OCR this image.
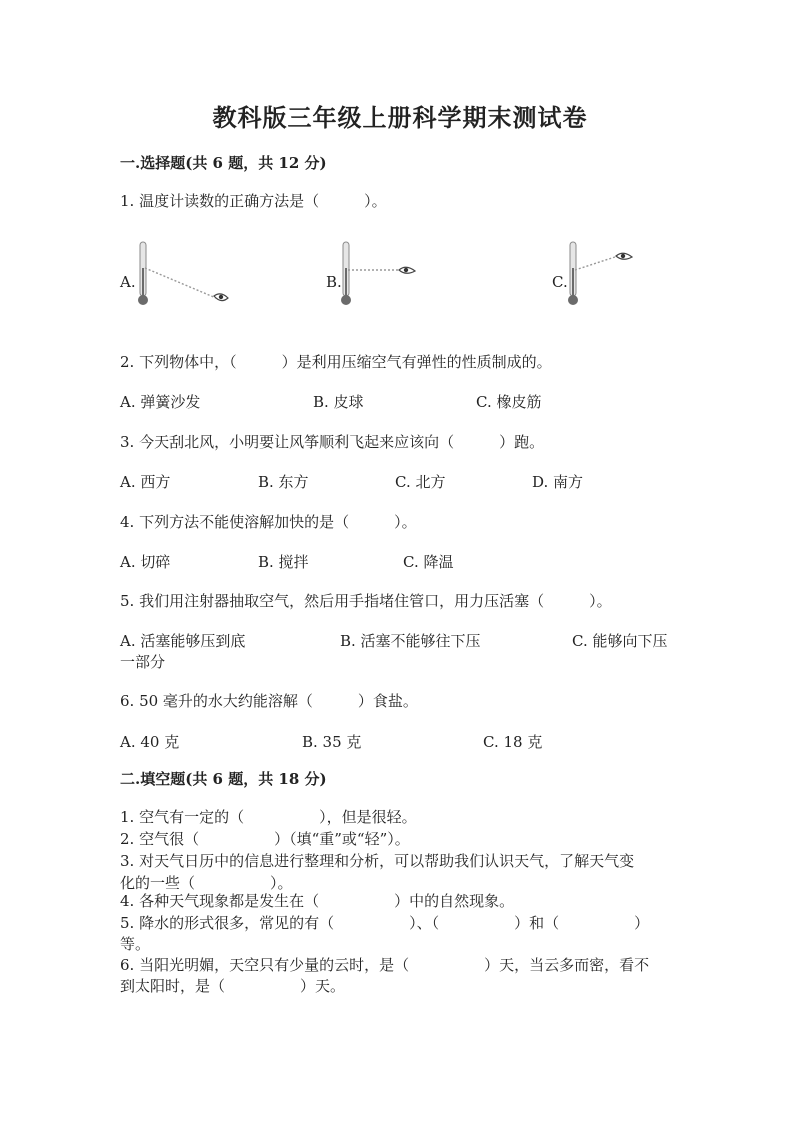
教科版三年级上册科学期末测试卷
一.选择题(共 6 题，共 12 分)
1. 温度计读数的正确方法是（　　　）。
A.	B.	C.
2. 下列物体中，（　　　）是利用压缩空气有弹性的性质制成的。
A. 弹簧沙发	B. 皮球	C. 橡皮筋
3. 今天刮北风，小明要让风筝顺利飞起来应该向（　　　）跑。
A. 西方	B. 东方	C. 北方	D. 南方
4. 下列方法不能使溶解加快的是（　　　）。
A. 切碎	B. 搅拌	C. 降温
5. 我们用注射器抽取空气，然后用手指堵住管口，用力压活塞（　　　）。
A. 活塞能够压到底	B. 活塞不能够往下压	C. 能够向下压
一部分
6. 50 毫升的水大约能溶解（　　　）食盐。
A. 40 克	B. 35 克	C. 18 克
二.填空题(共 6 题，共 18 分)
1. 空气有一定的（　　　　　），但是很轻。
2. 空气很（　　　　　）（填“重”或“轻”）。
3. 对天气日历中的信息进行整理和分析，可以帮助我们认识天气，了解天气变
化的一些（　　　　　）。
4. 各种天气现象都是发生在（　　　　　）中的自然现象。
5. 降水的形式很多，常见的有（　　　　　）、（　　　　　）和（　　　　　）
等。
6. 当阳光明媚，天空只有少量的云时，是（　　　　　）天，当云多而密，看不
到太阳时，是（　　　　　）天。
